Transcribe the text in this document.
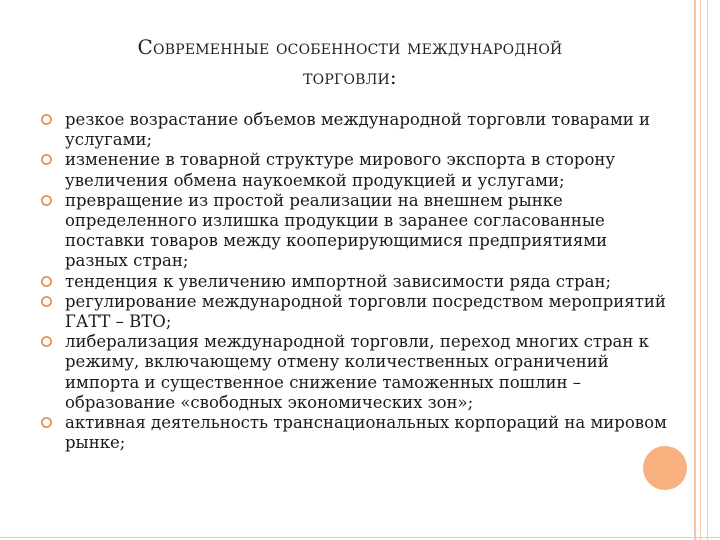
Современные особенности международной
торговли:
резкое возрастание объемов международной торговли товарами и услугами;
изменение в товарной структуре мирового экспорта в сторону увеличения обмена наукоемкой продукцией и услугами;
превращение из простой реализации на внешнем рынке определенного излишка продукции в заранее согласованные поставки товаров между кооперирующимися предприятиями разных стран;
тенденция к увеличению импортной зависимости ряда стран;
регулирование международной торговли посредством мероприятий ГАТТ – ВТО;
либерализация международной торговли, переход многих стран к режиму, включающему отмену количественных ограничений импорта и существенное снижение таможенных пошлин – образование «свободных экономических зон»;
активная деятельность транснациональных корпораций на мировом рынке;
